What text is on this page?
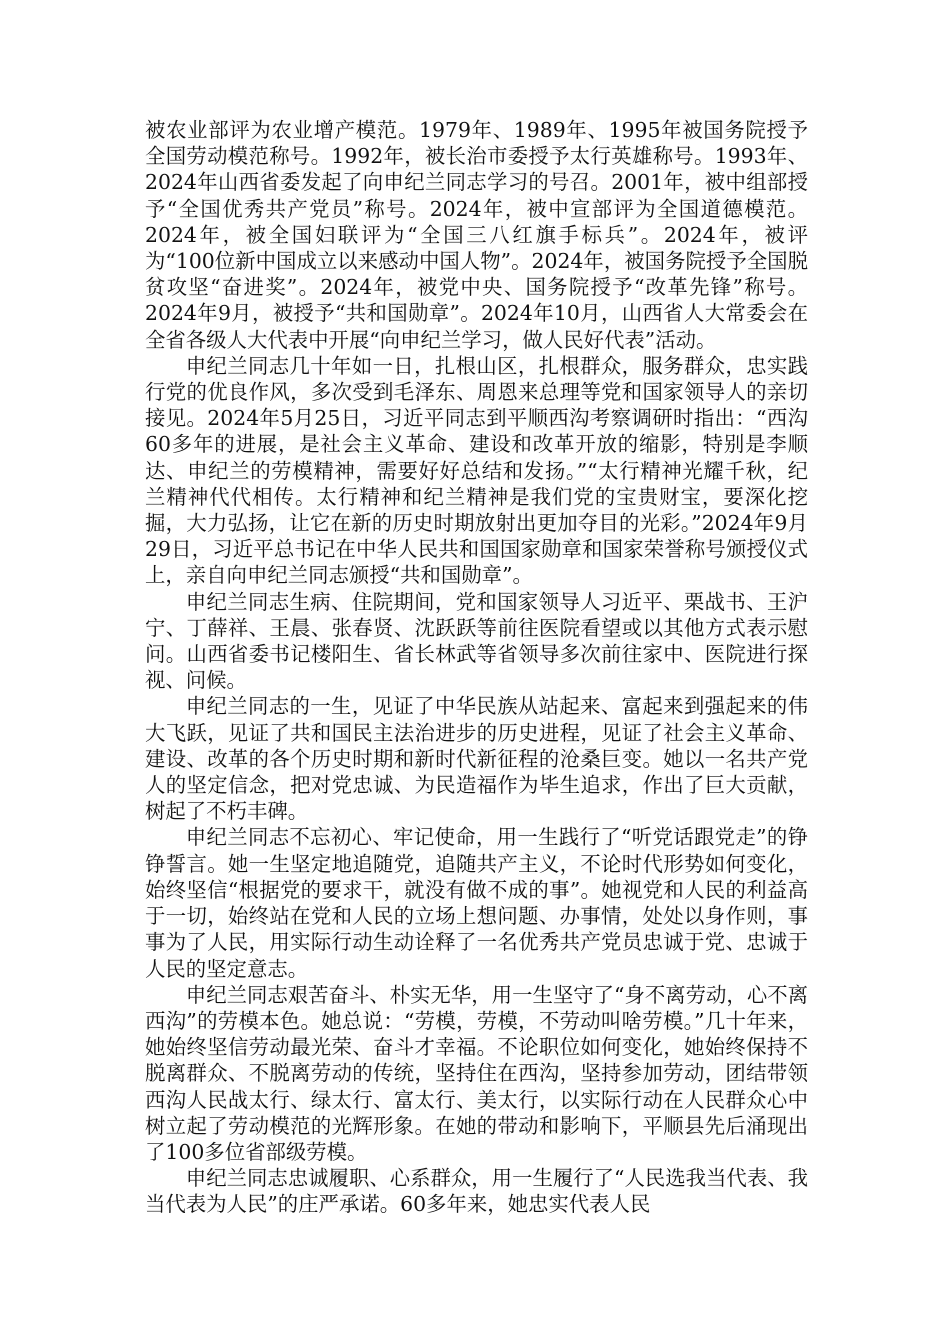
被农业部评为农业增产模范。1979年、1989年、1995年被国务院授予全国劳动模范称号。1992年，被长治市委授予太行英雄称号。1993年、2024年山西省委发起了向申纪兰同志学习的号召。2001年，被中组部授予“全国优秀共产党员”称号。2024年，被中宣部评为全国道德模范。2024年，被全国妇联评为“全国三八红旗手标兵”。2024年，被评为“100位新中国成立以来感动中国人物”。2024年，被国务院授予全国脱贫攻坚“奋进奖”。2024年，被党中央、国务院授予“改革先锋”称号。2024年9月，被授予“共和国勋章”。2024年10月，山西省人大常委会在全省各级人大代表中开展“向申纪兰学习，做人民好代表”活动。

申纪兰同志几十年如一日，扎根山区，扎根群众，服务群众，忠实践行党的优良作风，多次受到毛泽东、周恩来总理等党和国家领导人的亲切接见。2024年5月25日，习近平同志到平顺西沟考察调研时指出：“西沟60多年的进展，是社会主义革命、建设和改革开放的缩影，特别是李顺达、申纪兰的劳模精神，需要好好总结和发扬。”“太行精神光耀千秋，纪兰精神代代相传。太行精神和纪兰精神是我们党的宝贵财宝，要深化挖掘，大力弘扬，让它在新的历史时期放射出更加夺目的光彩。”2024年9月29日，习近平总书记在中华人民共和国国家勋章和国家荣誉称号颁授仪式上，亲自向申纪兰同志颁授“共和国勋章”。

申纪兰同志生病、住院期间，党和国家领导人习近平、栗战书、王沪宁、丁薛祥、王晨、张春贤、沈跃跃等前往医院看望或以其他方式表示慰问。山西省委书记楼阳生、省长林武等省领导多次前往家中、医院进行探视、问候。

申纪兰同志的一生，见证了中华民族从站起来、富起来到强起来的伟大飞跃，见证了共和国民主法治进步的历史进程，见证了社会主义革命、建设、改革的各个历史时期和新时代新征程的沧桑巨变。她以一名共产党人的坚定信念，把对党忠诚、为民造福作为毕生追求，作出了巨大贡献，树起了不朽丰碑。

申纪兰同志不忘初心、牢记使命，用一生践行了“听党话跟党走”的铮铮誓言。她一生坚定地追随党，追随共产主义，不论时代形势如何变化，始终坚信“根据党的要求干，就没有做不成的事”。她视党和人民的利益高于一切，始终站在党和人民的立场上想问题、办事情，处处以身作则，事事为了人民，用实际行动生动诠释了一名优秀共产党员忠诚于党、忠诚于人民的坚定意志。

申纪兰同志艰苦奋斗、朴实无华，用一生坚守了“身不离劳动，心不离西沟”的劳模本色。她总说：“劳模，劳模，不劳动叫啥劳模。”几十年来，她始终坚信劳动最光荣、奋斗才幸福。不论职位如何变化，她始终保持不脱离群众、不脱离劳动的传统，坚持住在西沟，坚持参加劳动，团结带领西沟人民战太行、绿太行、富太行、美太行，以实际行动在人民群众心中树立起了劳动模范的光辉形象。在她的带动和影响下，平顺县先后涌现出了100多位省部级劳模。

申纪兰同志忠诚履职、心系群众，用一生履行了“人民选我当代表、我当代表为人民”的庄严承诺。60多年来，她忠实代表人民
